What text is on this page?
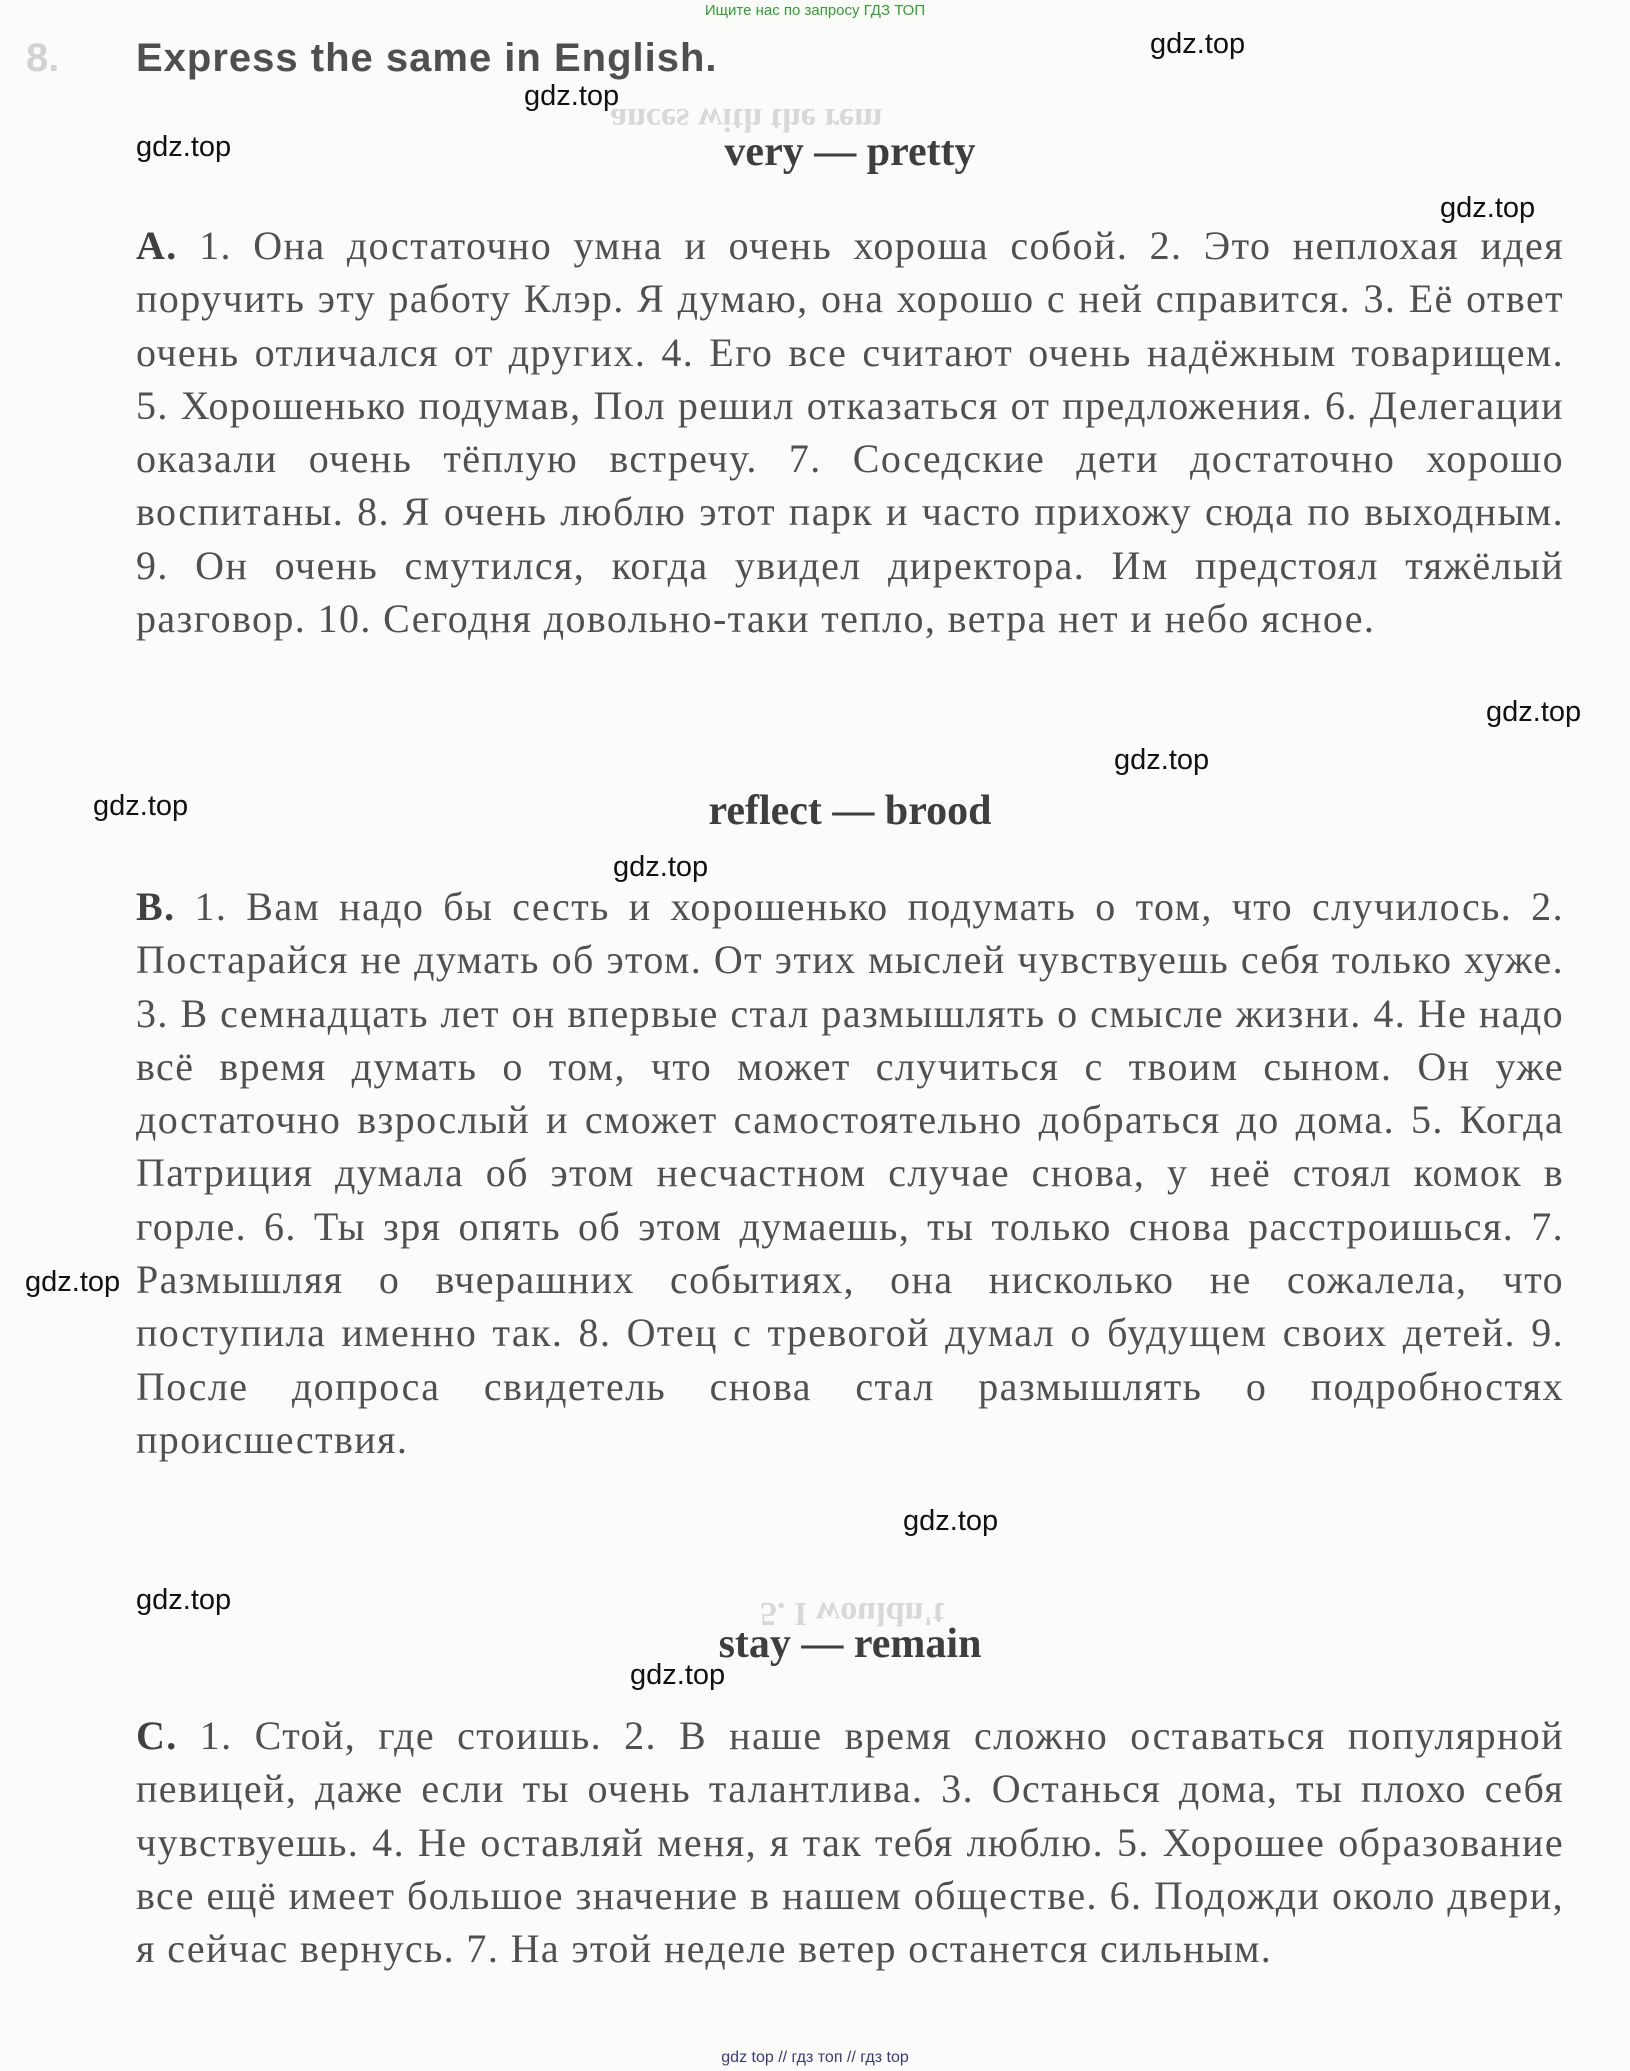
Ищите нас по запросу ГДЗ ТОП
ances with the rem
5. I wouldn't
8. Express the same in English.
very — pretty
A. 1. Она достаточно умна и очень хороша собой. 2. Это неплохая идея поручить эту работу Клэр. Я думаю, она хорошо с ней справится. 3. Её ответ очень отличался от других. 4. Его все считают очень надёжным товарищем. 5. Хорошенько подумав, Пол решил отказаться от предложения. 6. Делегации оказали очень тёплую встречу. 7. Соседские дети достаточно хорошо воспитаны. 8. Я очень люблю этот парк и часто прихожу сюда по выходным. 9. Он очень смутился, когда увидел директора. Им предстоял тяжёлый разговор. 10. Сегодня довольно-таки тепло, ветра нет и небо ясное.
reflect — brood
B. 1. Вам надо бы сесть и хорошенько подумать о том, что случилось. 2. Постарайся не думать об этом. От этих мыслей чувствуешь себя только хуже. 3. В семнадцать лет он впервые стал размышлять о смысле жизни. 4. Не надо всё время думать о том, что может случиться с твоим сыном. Он уже достаточно взрослый и сможет самостоятельно добраться до дома. 5. Когда Патриция думала об этом несчастном случае снова, у неё стоял комок в горле. 6. Ты зря опять об этом думаешь, ты только снова расстроишься. 7. Размышляя о вчерашних событиях, она нисколько не сожалела, что поступила именно так. 8. Отец с тревогой думал о будущем своих детей. 9. После допроса свидетель снова стал размышлять о подробностях происшествия.
stay — remain
C. 1. Стой, где стоишь. 2. В наше время сложно оставаться популярной певицей, даже если ты очень талантлива. 3. Останься дома, ты плохо себя чувствуешь. 4. Не оставляй меня, я так тебя люблю. 5. Хорошее образование все ещё имеет большое значение в нашем обществе. 6. Подожди около двери, я сейчас вернусь. 7. На этой неделе ветер останется сильным.
gdz.top
gdz.top
gdz.top
gdz.top
gdz.top
gdz.top
gdz.top
gdz.top
gdz.top
gdz.top
gdz.top
gdz.top
gdz top // гдз топ // гдз top
